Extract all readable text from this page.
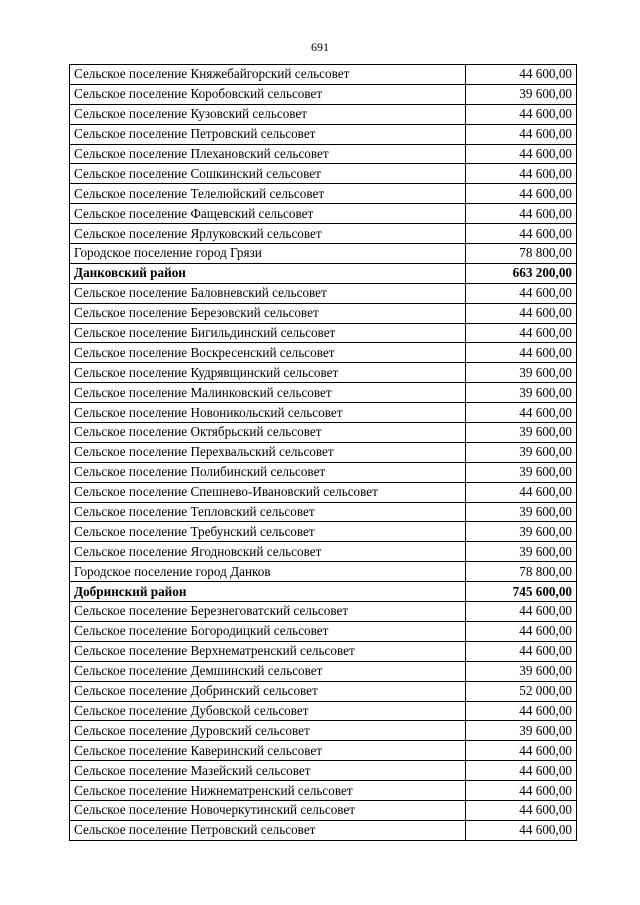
691
Сельское поселение Княжебайгорский сельсовет	44 600,00
Сельское поселение Коробовский сельсовет	39 600,00
Сельское поселение Кузовский сельсовет	44 600,00
Сельское поселение Петровский сельсовет	44 600,00
Сельское поселение Плехановский сельсовет	44 600,00
Сельское поселение Сошкинский сельсовет	44 600,00
Сельское поселение Телелюйский сельсовет	44 600,00
Сельское поселение Фащевский сельсовет	44 600,00
Сельское поселение Ярлуковский сельсовет	44 600,00
Городское поселение город Грязи	78 800,00
Данковский район	663 200,00
Сельское поселение Баловневский сельсовет	44 600,00
Сельское поселение Березовский сельсовет	44 600,00
Сельское поселение Бигильдинский сельсовет	44 600,00
Сельское поселение Воскресенский сельсовет	44 600,00
Сельское поселение Кудрявщинский сельсовет	39 600,00
Сельское поселение Малинковский сельсовет	39 600,00
Сельское поселение Новоникольский сельсовет	44 600,00
Сельское поселение Октябрьский сельсовет	39 600,00
Сельское поселение Перехвальский сельсовет	39 600,00
Сельское поселение Полибинский сельсовет	39 600,00
Сельское поселение Спешнево-Ивановский сельсовет	44 600,00
Сельское поселение Тепловский сельсовет	39 600,00
Сельское поселение Требунский сельсовет	39 600,00
Сельское поселение Ягодновский сельсовет	39 600,00
Городское поселение город Данков	78 800,00
Добринский район	745 600,00
Сельское поселение Березнеговатский сельсовет	44 600,00
Сельское поселение Богородицкий сельсовет	44 600,00
Сельское поселение Верхнематренский сельсовет	44 600,00
Сельское поселение Демшинский сельсовет	39 600,00
Сельское поселение Добринский сельсовет	52 000,00
Сельское поселение Дубовской сельсовет	44 600,00
Сельское поселение Дуровский сельсовет	39 600,00
Сельское поселение Каверинский сельсовет	44 600,00
Сельское поселение Мазейский сельсовет	44 600,00
Сельское поселение Нижнематренский сельсовет	44 600,00
Сельское поселение Новочеркутинский сельсовет	44 600,00
Сельское поселение Петровский сельсовет	44 600,00
